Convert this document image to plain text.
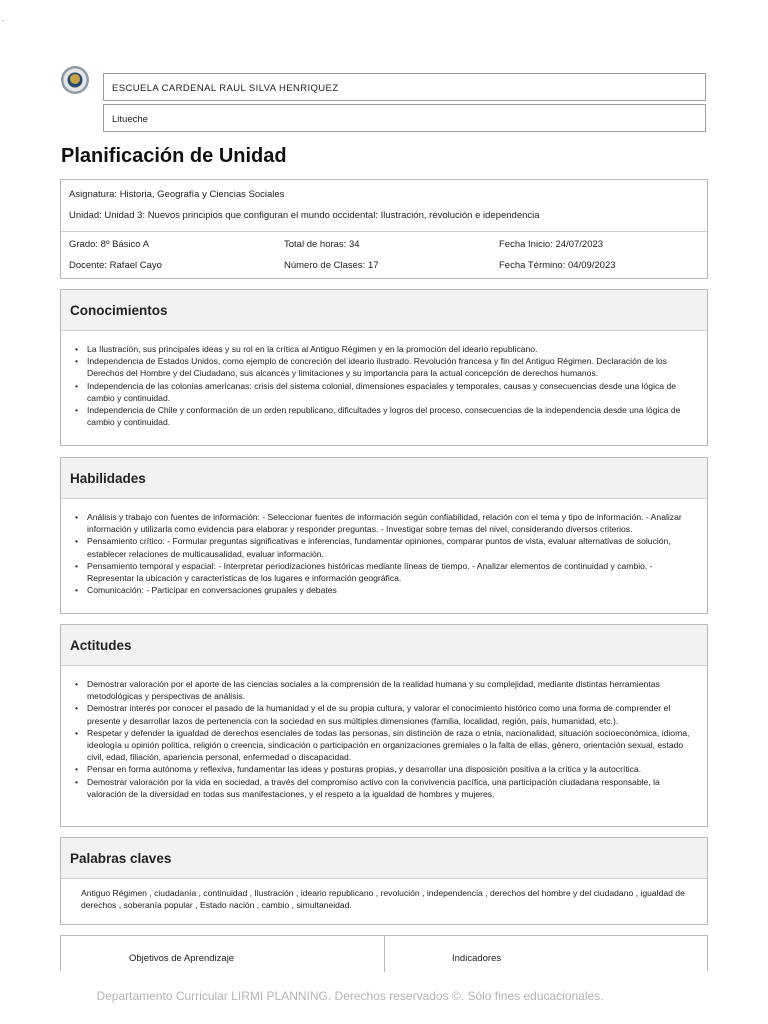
.
ESCUELA CARDENAL RAUL SILVA HENRIQUEZ
Litueche
Planificación de Unidad
Asignatura: Historia, Geografía y Ciencias Sociales
Unidad: Unidad 3: Nuevos principios que configuran el mundo occidental: Ilustración, revolución e idependencia
Grado: 8º Básico A	Total de horas: 34	Fecha Inicio: 24/07/2023
Docente: Rafael Cayo	Número de Clases: 17	Fecha Término: 04/09/2023
Conocimientos
• La Ilustración, sus principales ideas y su rol en la crítica al Antiguo Régimen y en la promoción del ideario republicano.
• Independencia de Estados Unidos, como ejemplo de concreción del ideario ilustrado. Revolución francesa y fin del Antiguo Régimen. Declaración de los Derechos del Hombre y del Ciudadano, sus alcances y limitaciones y su importancia para la actual concepción de derechos humanos.
• Independencia de las colonias americanas: crisis del sistema colonial, dimensiones espaciales y temporales, causas y consecuencias desde una lógica de cambio y continuidad.
• Independencia de Chile y conformación de un orden republicano, dificultades y logros del proceso, consecuencias de la independencia desde una lógica de cambio y continuidad.
Habilidades
• Análisis y trabajo con fuentes de información: - Seleccionar fuentes de información según confiabilidad, relación con el tema y tipo de información. - Analizar información y utilizarla como evidencia para elaborar y responder preguntas. - Investigar sobre temas del nivel, considerando diversos criterios.
• Pensamiento crítico: - Formular preguntas significativas e inferencias, fundamentar opiniones, comparar puntos de vista, evaluar alternativas de solución, establecer relaciones de multicausalidad, evaluar información.
• Pensamiento temporal y espacial: - Interpretar periodizaciones históricas mediante líneas de tiempo. - Analizar elementos de continuidad y cambio. - Representar la ubicación y características de los lugares e información geográfica.
• Comunicación: - Participar en conversaciones grupales y debates
Actitudes
• Demostrar valoración por el aporte de las ciencias sociales a la comprensión de la realidad humana y su complejidad, mediante distintas herramientas metodológicas y perspectivas de análisis.
• Demostrar interés por conocer el pasado de la humanidad y el de su propia cultura, y valorar el conocimiento histórico como una forma de comprender el presente y desarrollar lazos de pertenencia con la sociedad en sus múltiples dimensiones (familia, localidad, región, país, humanidad, etc.).
• Respetar y defender la igualdad de derechos esenciales de todas las personas, sin distinción de raza o etnia, nacionalidad, situación socioeconómica, idioma, ideología u opinión política, religión o creencia, sindicación o participación en organizaciones gremiales o la falta de ellas, género, orientación sexual, estado civil, edad, filiación, apariencia personal, enfermedad o discapacidad.
• Pensar en forma autónoma y reflexiva, fundamentar las ideas y posturas propias, y desarrollar una disposición positiva a la crítica y la autocrítica.
• Demostrar valoración por la vida en sociedad, a través del compromiso activo con la convivencia pacífica, una participación ciudadana responsable, la valoración de la diversidad en todas sus manifestaciones, y el respeto a la igualdad de hombres y mujeres.
Palabras claves
Antiguo Régimen , ciudadanía , continuidad , Ilustración , ideario republicano , revolución , independencia , derechos del hombre y del ciudadano , igualdad de derechos , soberanía popular , Estado nación , cambio , simultaneidad.
Objetivos de Aprendizaje	Indicadores
Departamento Curricular LIRMI PLANNING. Derechos reservados ©. Sólo fines educacionales.
